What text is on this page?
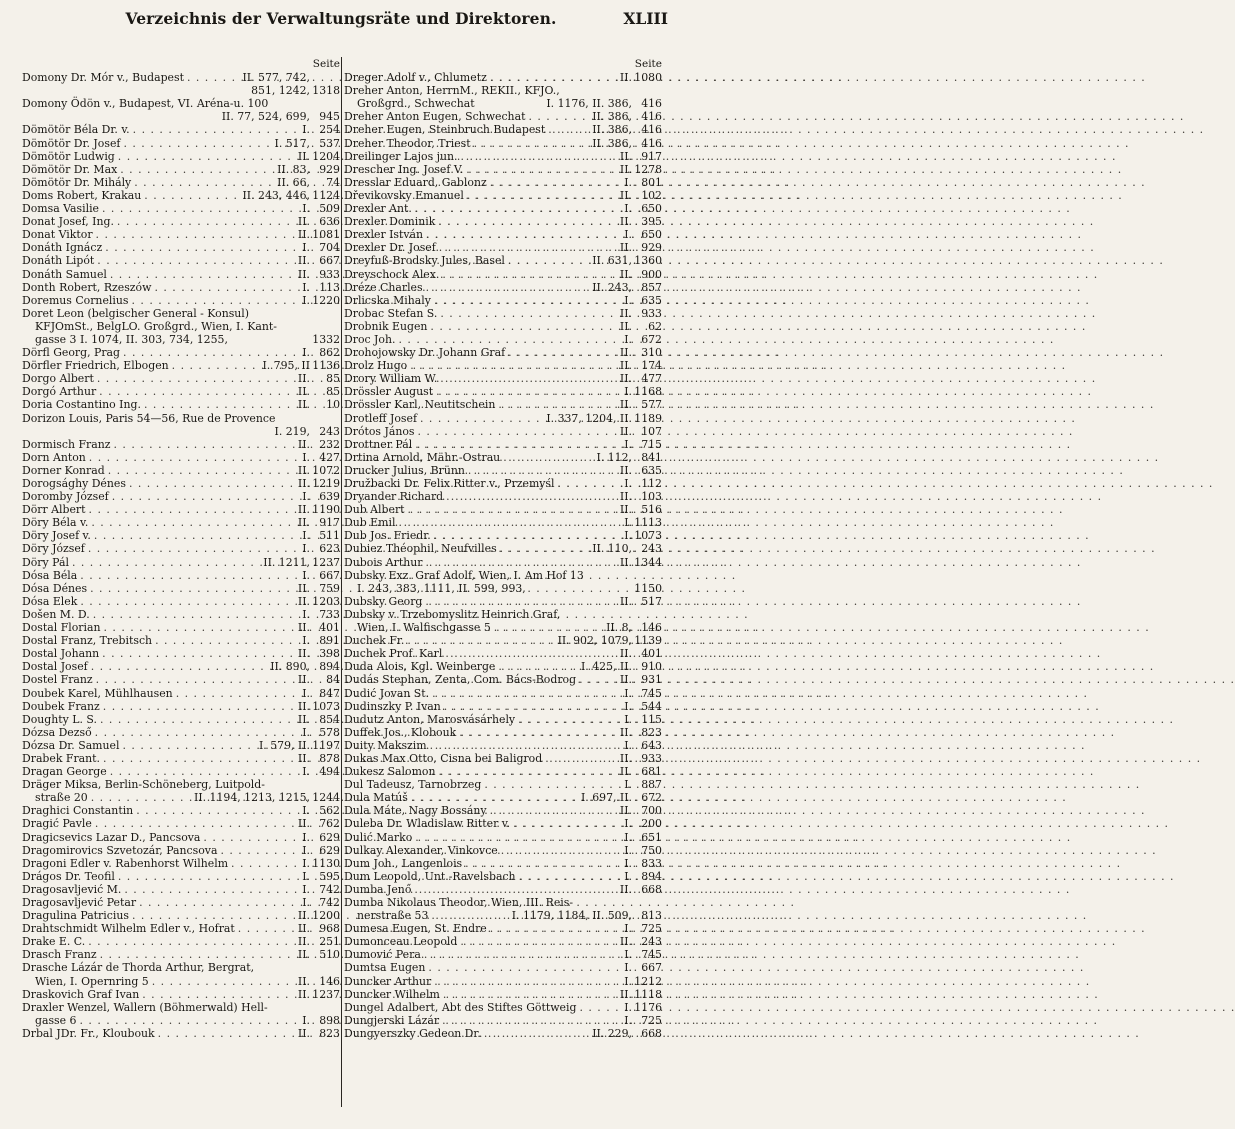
Verzeichnis der Verwaltungsräte und Direktoren.	XLIII
Seite
Domony Dr. Mór v., Budapest . . .	II. 577, 742,
851, 1242, 1318
Domony Ödön v., Budapest, VI. Aréna-u. 100
II. 77, 524, 699, 945
Dömötör Béla Dr. v. . . .	I. 254
Dömötör Dr. Josef . . .	I. 517, 537
Dömötör Ludwig . . .	II. 1204
Dömötör Dr. Max . . .	II. 83, 929
Dömötör Dr. Mihály . . .	II. 66,	74
Doms Robert, Krakau . . .	II. 243, 446, 1124
Domsa Vasilie . . .	I. 509
Donat Josef, Ing. . . .	II. 636
Donat Viktor . . .	II. 1081
Donáth Ignácz . . .	I. 704
Donáth Lipót . . .	II. 667
Donáth Samuel . . .	II. 933
Donth Robert, Rzeszów . . .	I. 113
Doremus Cornelius . . .	I. 1220
Doret Leon (belgischer General - Konsul)
KFJOmSt., BelgLO. Großgrd., Wien, I. Kant-
gasse 3 I. 1074, II. 303, 734, 1255,	1332
Dörfl Georg, Prag . . .	I. 862
Dörfler Friedrich, Elbogen . . .	I. 795, II 1136
Dorgo Albert . . .	II.	85
Dorgó Arthur . . .	II.	85
Doria Costantino Ing. . . .	II.	10
Dorizon Louis, Paris 54—56, Rue de Provence
I. 219, 243
Dormisch Franz . . .	II. 232
Dorn Anton . . .	I. 427
Dorner Konrad . . .	II. 1072
Dorogsághy Dénes . . .	II. 1219
Doromby József . . .	I. 639
Dörr Albert . . .	II. 1190
Döry Béla v. . . .	II. 917
Döry Josef v. . . .	I. 511
Döry József . . .	I. 623
Döry Pál . . .	II. 1211, 1237
Dósa Béla . . .	I. 667
Dósa Dénes . . .	II. 759
Dósa Elek . . .	II. 1203
Došen M. D. . . .	I. 733
Dostal Florian . . .	II. 401
Dostal Franz, Trebitsch . . .	I. 891
Dostal Johann . . .	II. 398
Dostal Josef . . .	II. 890, 894
Dostel Franz . . .	II.	84
Doubek Karel, Mühlhausen . . .	I. 847
Doubek Franz . . .	II. 1073
Doughty L. S. . . .	II. 854
Dózsa Dezső . . .	I. 578
Dózsa Dr. Samuel . . .	I. 579, II. 1197
Drabek Frant. . . .	II. 878
Dragan George . . .	I. 494
Dräger Miksa, Berlin-Schöneberg, Luitpold-
straße 20 . . .	II. 1194, 1213, 1215, 1244
Draghici Constantin . . .	I. 562
Dragić Pavle . . .	II. 762
Dragicsevics Lazar D., Pancsova . . .	I. 629
Dragomirovics Szvetozár, Pancsova . . .	I. 629
Dragoni Edler v. Rabenhorst Wilhelm . . .	I. 1130
Drágos Dr. Teofil . . .	I. 595
Dragosavljević M. . . .	I. 742
Dragosavljević Petar . . .	I. 742
Dragulina Patricius . . .	II. 1200
Drahtschmidt Wilhelm Edler v., Hofrat . . .	II. 968
Drake E. C. . . .	II. 251
Drasch Franz . . .	II. 510
Drasche Lázár de Thorda Arthur, Bergrat,
Wien, I. Opernring 5 . . .	II. 146
Draskovich Graf Ivan . . .	II. 1237
Draxler Wenzel, Wallern (Böhmerwald) Hell-
gasse 6 . . .	I. 898
Drbal JDr. Fr., Kloubouk . . .	II. 823
Seite
Dreger Adolf v., Chlumetz . . .	II. 1080
Dreher Anton, HerrnM., REKII., KFJO.,
Großgrd., Schwechat	I. 1176, II. 386, 416
Dreher Anton Eugen, Schwechat . . .	II. 386, 416
Dreher Eugen, Steinbruch Budapest . . .	II. 386, 416
Dreher Theodor, Triest . . .	II. 386, 416
Dreilinger Lajos jun. . . .	II. 917
Drescher Ing. Josef V. . . .	II. 1278
Dresslar Eduard, Gablonz . . .	I. 801
Dřevikovsky Emanuel . . .	II. 102
Drexler Ant. . . .	I. 650
Drexler Dominik . . .	II. 395
Drexler István . . .	I. 650
Drexler Dr. Josef . . .	II. 929
Dreyfuß-Brodsky Jules, Basel . . .	II. 631, 1360
Dreyschock Alex. . . .	II. 900
Dréze Charles . . .	II. 243, 857
Drlicska Mihaly . . .	I. 635
Drobac Stefan S. . . .	II. 933
Drobnik Eugen . . .	II.	62
Droc Joh. . . .	I. 672
Drohojowsky Dr. Johann Graf . . .	II. 310
Drolz Hugo . . .	II. 174
Drory William W. . . .	II. 477
Drössler August . . .	I. 1168
Drössler Karl, Neutitschein . . .	II. 577
Drotleff Josef . . .	I. 337, 1204, II. 1189
Drótos János . . .	II. 107
Drottner Pál . . .	I. 715
Drtina Arnold, Mähr.-Ostrau . . .	I. 112, 841
Drucker Julius, Brünn . . .	II. 635
Družbacki Dr. Felix Ritter v., Przemyśl . . .	I. 112
Dryander Richard . . .	II. 103
Dub Albert . . .	II. 516
Dub Emil . . .	I. 1113
Dub Jos. Friedr. . . .	I. 1073
Dubiez Théophil, Neufvilles . . .	II. 110, 243
Dubois Arthur . . .	II. 1344
Dubsky Exz. Graf Adolf, Wien, I. Am Hof 13
I. 243, 383, 1111, II. 599, 993,	1150
Dubsky Georg . . .	II. 517
Dubsky v. Trzebomyslitz Heinrich Graf,
Wien, I. Walfischgasse 5 . . .	II. 8, 146
Duchek Fr. . . .	II. 902, 1079, 1139
Duchek Prof. Karl . . .	II. 401
Duda Alois, Kgl. Weinberge . . .	I. 425, II. 910
Dudás Stephan, Zenta, Com. Bács-Bodrog . . .	II. 931
Dudić Jovan St. . . .	I. 745
Dudinszky P. Ivan . . .	I. 544
Dudutz Anton, Marosvásárhely . . .	I. 115
Duffek Jos., Klobouk . . .	II. 823
Duity Makszim . . .	I. 643
Dukas Max Otto, Cisna bei Baligrod . . .	II. 933
Dukesz Salomon . . .	II. 681
Dul Tadeusz, Tarnobrzeg . . .	I. 887
Dula Matúš . . .	I. 697, II. 672
Dula Máte, Nagy Bossány . . .	II. 700
Duleba Dr. Wladislaw Ritter v. . . .	I. 200
Dulić Marko . . .	I. 651
Dulkay Alexander, Vinkovce . . .	I. 750
Dum Joh., Langenlois . . .	I. 833
Dum Leopold, Unt.-Ravelsbach . . .	I. 894
Dumba Jenő . . .	II. 668
Dumba Nikolaus Theodor, Wien, III. Reis-
nerstraße 53 . . .	I. 1179, 1184, II. 509, 813
Dumesa Eugen, St. Endre . . .	I. 725
Dumonceau Leopold . . .	II. 243
Dumović Pera . . .	I. 745
Dumtsa Eugen . . .	I. 667
Duncker Arthur . . .	I. 1212
Duncker Wilhelm . . .	II. 1118
Dungel Adalbert, Abt des Stiftes Göttweig . . .	I. 1176
Dungjerski Lázár . . .	I. 725
Dungyerszky Gedeon Dr. . . .	II. 229, 668
